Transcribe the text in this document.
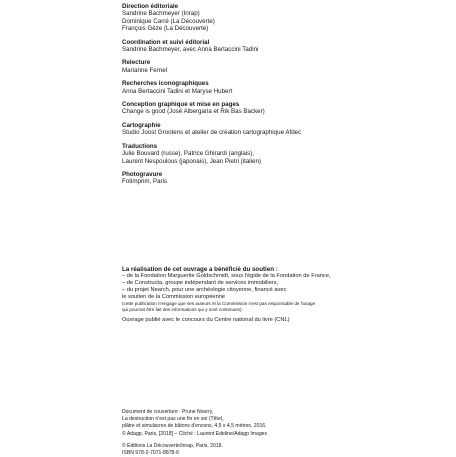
Direction éditoriale
Sandrine Bachmeyer (Inrap)
Dominique Carré (La Découverte)
François Gèze (La Découverte)
Coordination et suivi éditorial
Sandrine Bachmeyer, avec Anna Bertaccini Tadini
Relecture
Marianne Fernel
Recherches iconographiques
Anna Bertaccini Tadini et Maryse Hubert
Conception graphique et mise en pages
Change is good (José Albergaria et Rik Bas Backer)
Cartographie
Studio Joost Grootens et atelier de création cartographique Afdec
Traductions
Julie Bouvard (russe), Patrice Ghirardi (anglais),
Laurent Nespoulous (japonais), Jean Pietri (italien)
Photogravure
Fotimprim, Paris
La réalisation de cet ouvrage a bénéficié du soutien :
– de la Fondation Marguerite Goldschmidt, sous l'égide de la Fondation de France,
– de Constructa, groupe indépendant de services immobiliers,
– du projet Nearch, pour une archéologie citoyenne, financé avec
le soutien de la Commission européenne
(cette publication n'engage que ses auteurs et la Commission n'est pas responsable de l'usage
qui pourrait être fait des informations qui y sont contenues).
Ouvrage publié avec le concours du Centre national du livre (CNL)
Document de couverture : Prune Nourry,
La destruction n'est pas une fin en soi (Tête),
plâtre et simulacres de bâtons d'encens, 4,5 x 4,5 mètres, 2016.
© Adagp, Paris, [2018] – Cliché : Laurent Edeline/Adagp Images
© Éditions La Découverte/Inrap, Paris, 2018.
ISBN 978-2-7071-8878-6
